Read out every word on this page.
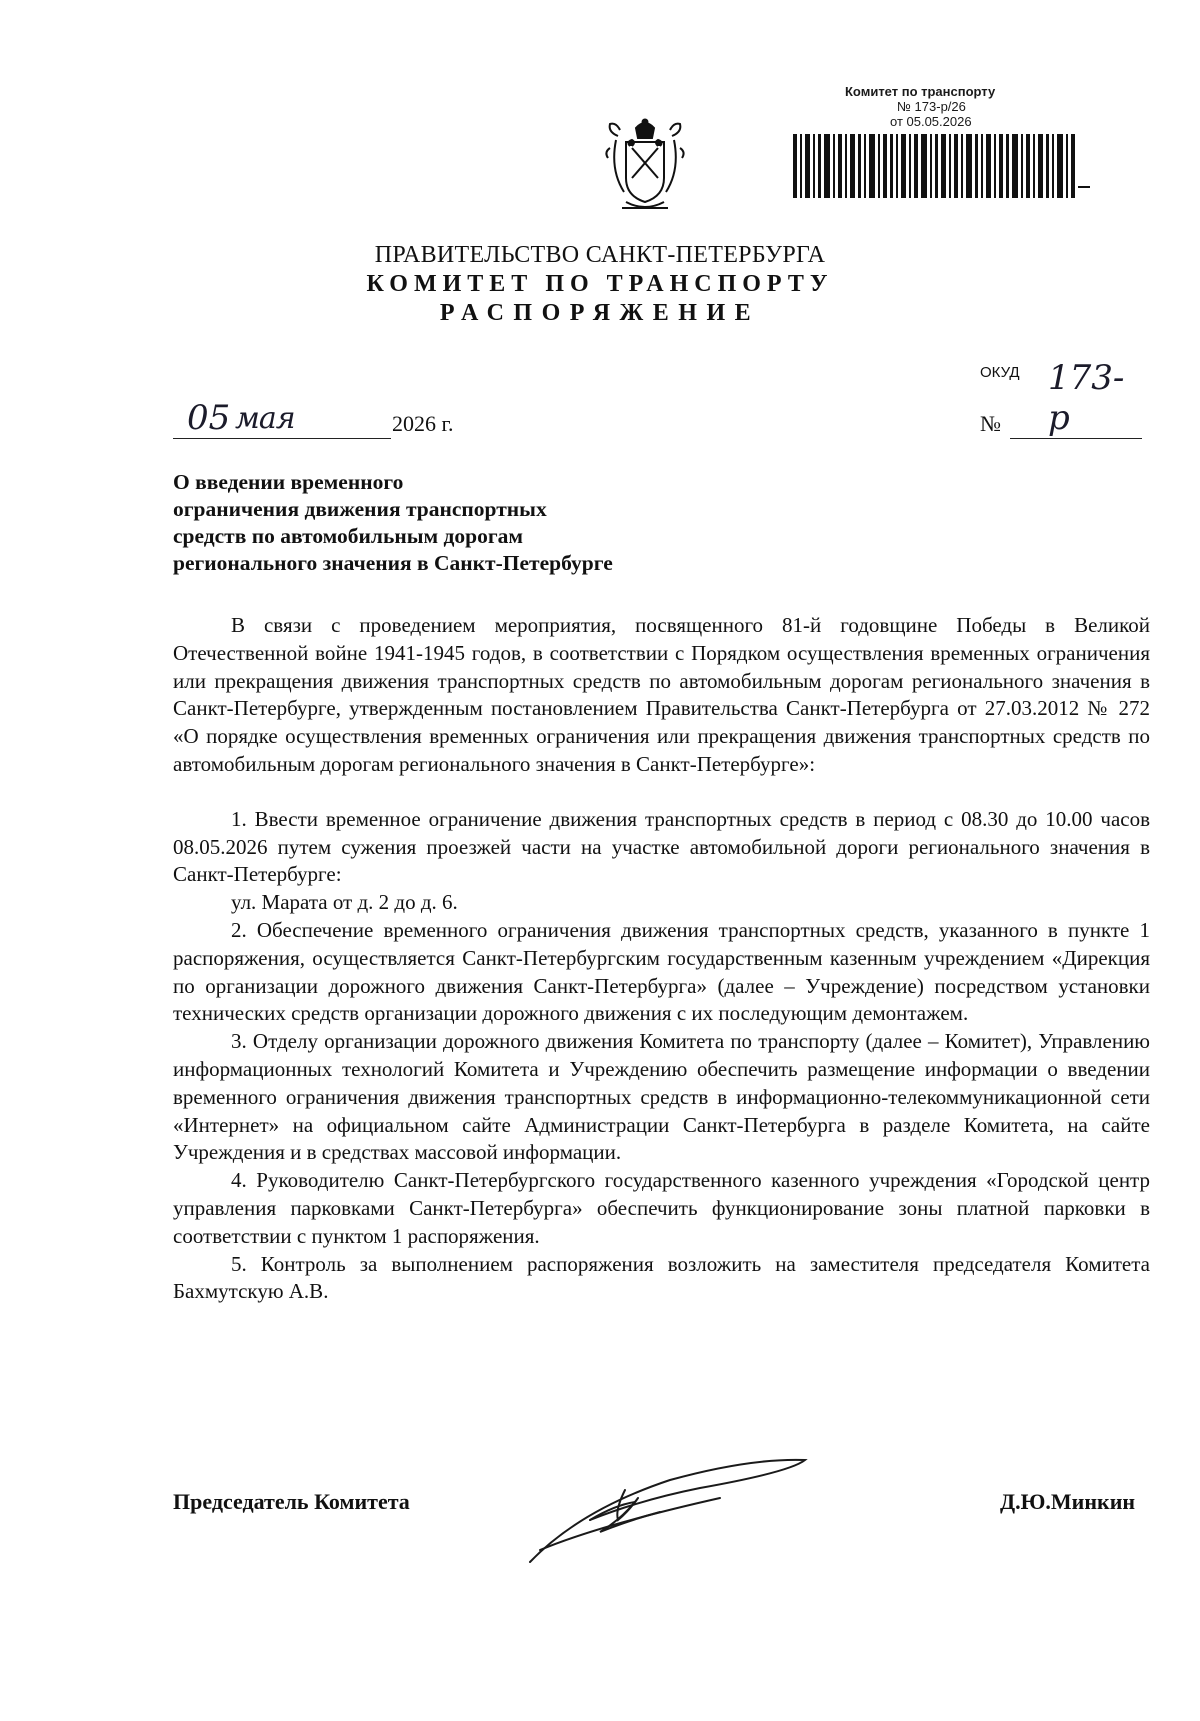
Комитет по транспорту
№ 173-р/26
от 05.05.2026
ПРАВИТЕЛЬСТВО САНКТ-ПЕТЕРБУРГА
КОМИТЕТ ПО ТРАНСПОРТУ
РАСПОРЯЖЕНИЕ
ОКУД
05 мая	2026 г.	№
173-р
О введении временного
ограничения движения транспортных
средств по автомобильным дорогам
регионального значения в Санкт-Петербурге

В связи с проведением мероприятия, посвященного 81-й годовщине Победы в Великой Отечественной войне 1941-1945 годов, в соответствии с Порядком осуществления временных ограничения или прекращения движения транспортных средств по автомобильным дорогам регионального значения в Санкт-Петербурге, утвержденным постановлением Правительства Санкт-Петербурга от 27.03.2012 № 272 «О порядке осуществления временных ограничения или прекращения движения транспортных средств по автомобильным дорогам регионального значения в Санкт-Петербурге»:

1. Ввести временное ограничение движения транспортных средств в период с 08.30 до 10.00 часов 08.05.2026 путем сужения проезжей части на участке автомобильной дороги регионального значения в Санкт-Петербурге:

ул. Марата от д. 2 до д. 6.

2. Обеспечение временного ограничения движения транспортных средств, указанного в пункте 1 распоряжения, осуществляется Санкт-Петербургским государственным казенным учреждением «Дирекция по организации дорожного движения Санкт-Петербурга» (далее – Учреждение) посредством установки технических средств организации дорожного движения с их последующим демонтажем.

3. Отделу организации дорожного движения Комитета по транспорту (далее – Комитет), Управлению информационных технологий Комитета и Учреждению обеспечить размещение информации о введении временного ограничения движения транспортных средств в информационно-телекоммуникационной сети «Интернет» на официальном сайте Администрации Санкт-Петербурга в разделе Комитета, на сайте Учреждения и в средствах массовой информации.

4. Руководителю Санкт-Петербургского государственного казенного учреждения «Городской центр управления парковками Санкт-Петербурга» обеспечить функционирование зоны платной парковки в соответствии с пунктом 1 распоряжения.

5. Контроль за выполнением распоряжения возложить на заместителя председателя Комитета Бахмутскую А.В.

Председатель Комитета	Д.Ю.Минкин
